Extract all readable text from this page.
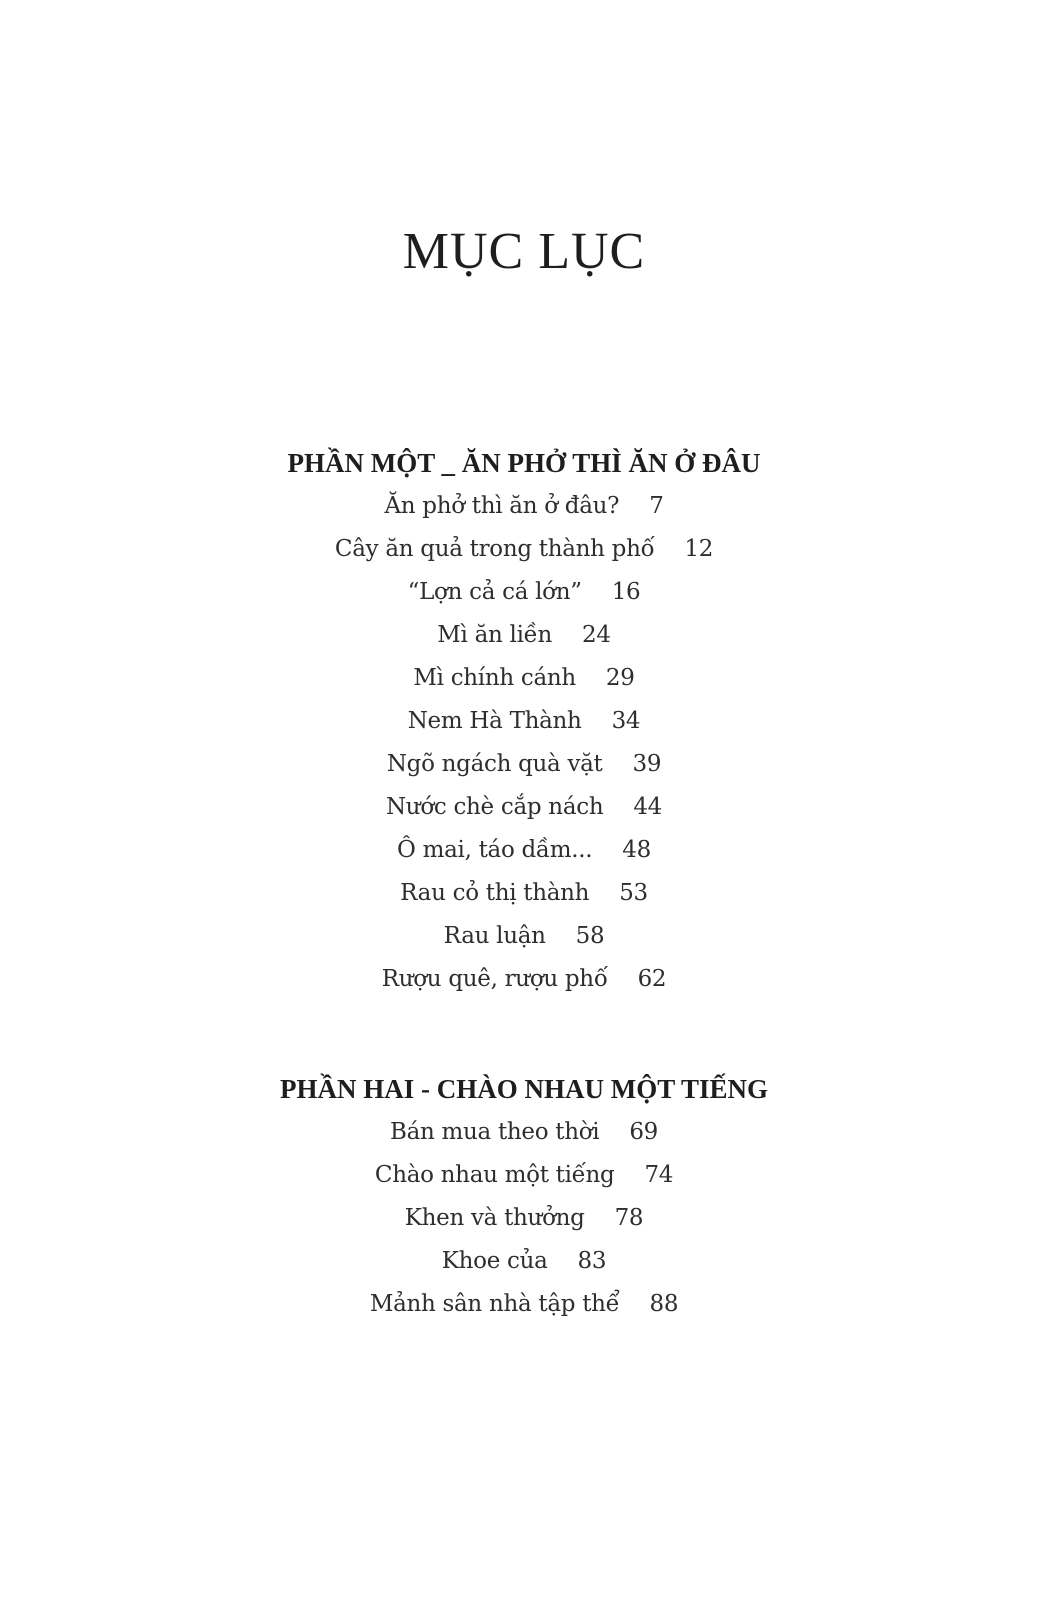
MỤC LỤC
PHẦN MỘT _ ĂN PHỞ THÌ ĂN Ở ĐÂU
Ăn phở thì ăn ở đâu? 7
Cây ăn quả trong thành phố 12
“Lợn cả cá lớn” 16
Mì ăn liền 24
Mì chính cánh 29
Nem Hà Thành 34
Ngõ ngách quà vặt 39
Nước chè cắp nách 44
Ô mai, táo dầm... 48
Rau cỏ thị thành 53
Rau luận 58
Rượu quê, rượu phố 62
PHẦN HAI - CHÀO NHAU MỘT TIẾNG
Bán mua theo thời 69
Chào nhau một tiếng 74
Khen và thưởng 78
Khoe của 83
Mảnh sân nhà tập thể 88
